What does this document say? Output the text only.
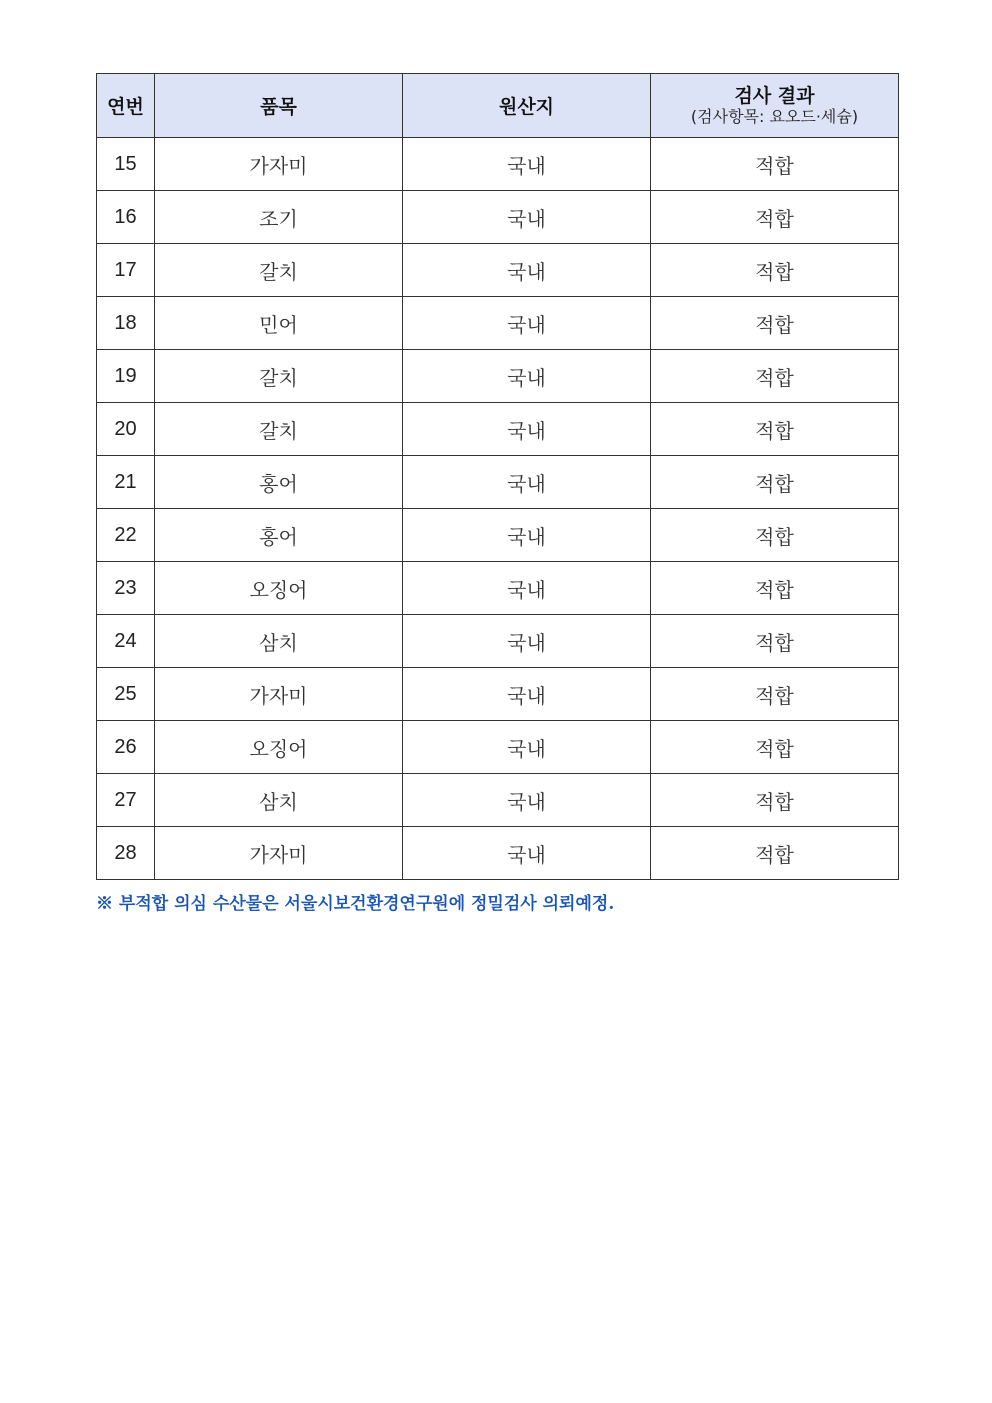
연번	품목	원산지	검사 결과
(검사항목: 요오드·세슘)

15	가자미	국내	적합
16	조기	국내	적합
17	갈치	국내	적합
18	민어	국내	적합
19	갈치	국내	적합
20	갈치	국내	적합
21	홍어	국내	적합
22	홍어	국내	적합
23	오징어	국내	적합
24	삼치	국내	적합
25	가자미	국내	적합
26	오징어	국내	적합
27	삼치	국내	적합
28	가자미	국내	적합
※ 부적합 의심 수산물은 서울시보건환경연구원에 정밀검사 의뢰예정.
